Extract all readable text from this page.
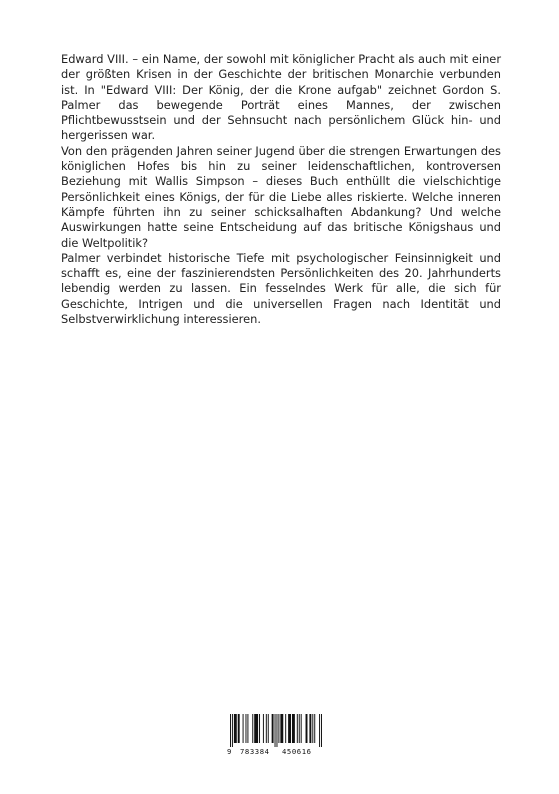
Edward VIII. – ein Name, der sowohl mit königlicher Pracht als auch mit einer der größten Krisen in der Geschichte der britischen Monarchie verbunden ist. In "Edward VIII: Der König, der die Krone aufgab" zeichnet Gordon S. Palmer das bewegende Porträt eines Mannes, der zwischen Pflichtbewusstsein und der Sehnsucht nach persönlichem Glück hin- und hergerissen war.

Von den prägenden Jahren seiner Jugend über die strengen Erwartungen des königlichen Hofes bis hin zu seiner leidenschaftlichen, kontroversen Beziehung mit Wallis Simpson – dieses Buch enthüllt die vielschichtige Persönlichkeit eines Königs, der für die Liebe alles riskierte. Welche inneren Kämpfe führten ihn zu seiner schicksalhaften Abdankung? Und welche Auswirkungen hatte seine Entscheidung auf das britische Königshaus und die Weltpolitik?

Palmer verbindet historische Tiefe mit psychologischer Feinsinnigkeit und schafft es, eine der faszinierendsten Persönlichkeiten des 20. Jahrhunderts lebendig werden zu lassen. Ein fesselndes Werk für alle, die sich für Geschichte, Intrigen und die universellen Fragen nach Identität und Selbstverwirklichung interessieren.

9 783384 450616
